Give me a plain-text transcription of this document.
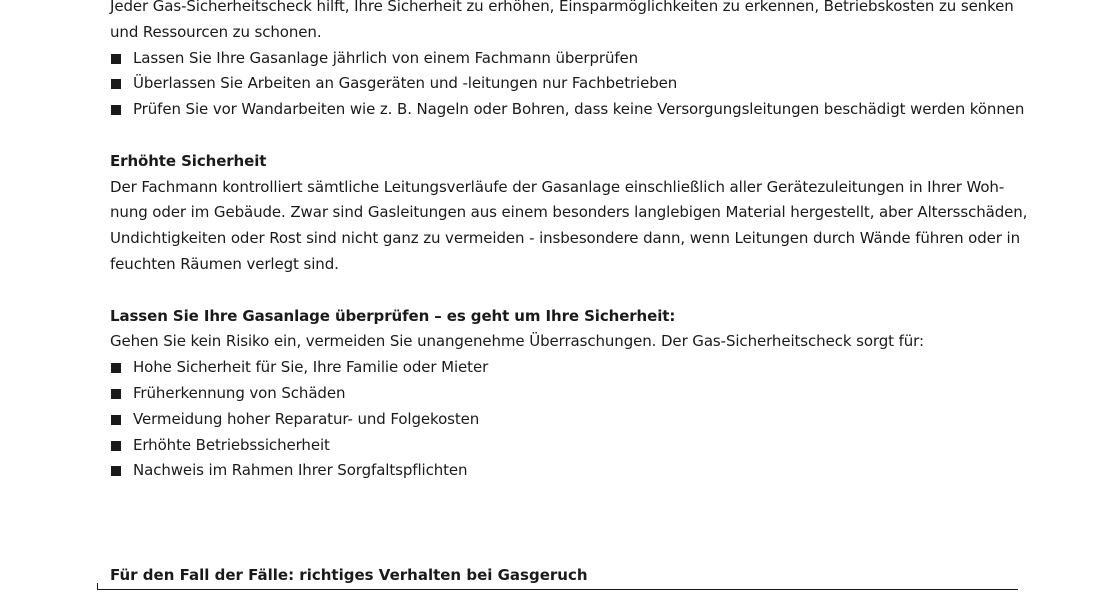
Jeder Gas-Sicherheitscheck hilft, Ihre Sicherheit zu erhöhen, Einsparmöglichkeiten zu erkennen, Betriebskosten zu senken
und Ressourcen zu schonen.
Lassen Sie Ihre Gasanlage jährlich von einem Fachmann überprüfen
Überlassen Sie Arbeiten an Gasgeräten und -leitungen nur Fachbetrieben
Prüfen Sie vor Wandarbeiten wie z. B. Nageln oder Bohren, dass keine Versorgungsleitungen beschädigt werden können
Erhöhte Sicherheit
Der Fachmann kontrolliert sämtliche Leitungsverläufe der Gasanlage einschließlich aller Gerätezuleitungen in Ihrer Woh-
nung oder im Gebäude. Zwar sind Gasleitungen aus einem besonders langlebigen Material hergestellt, aber Altersschäden,
Undichtigkeiten oder Rost sind nicht ganz zu vermeiden - insbesondere dann, wenn Leitungen durch Wände führen oder in
feuchten Räumen verlegt sind.
Lassen Sie Ihre Gasanlage überprüfen – es geht um Ihre Sicherheit:
Gehen Sie kein Risiko ein, vermeiden Sie unangenehme Überraschungen. Der Gas-Sicherheitscheck sorgt für:
Hohe Sicherheit für Sie, Ihre Familie oder Mieter
Früherkennung von Schäden
Vermeidung hoher Reparatur- und Folgekosten
Erhöhte Betriebssicherheit
Nachweis im Rahmen Ihrer Sorgfaltspflichten
Für den Fall der Fälle: richtiges Verhalten bei Gasgeruch
